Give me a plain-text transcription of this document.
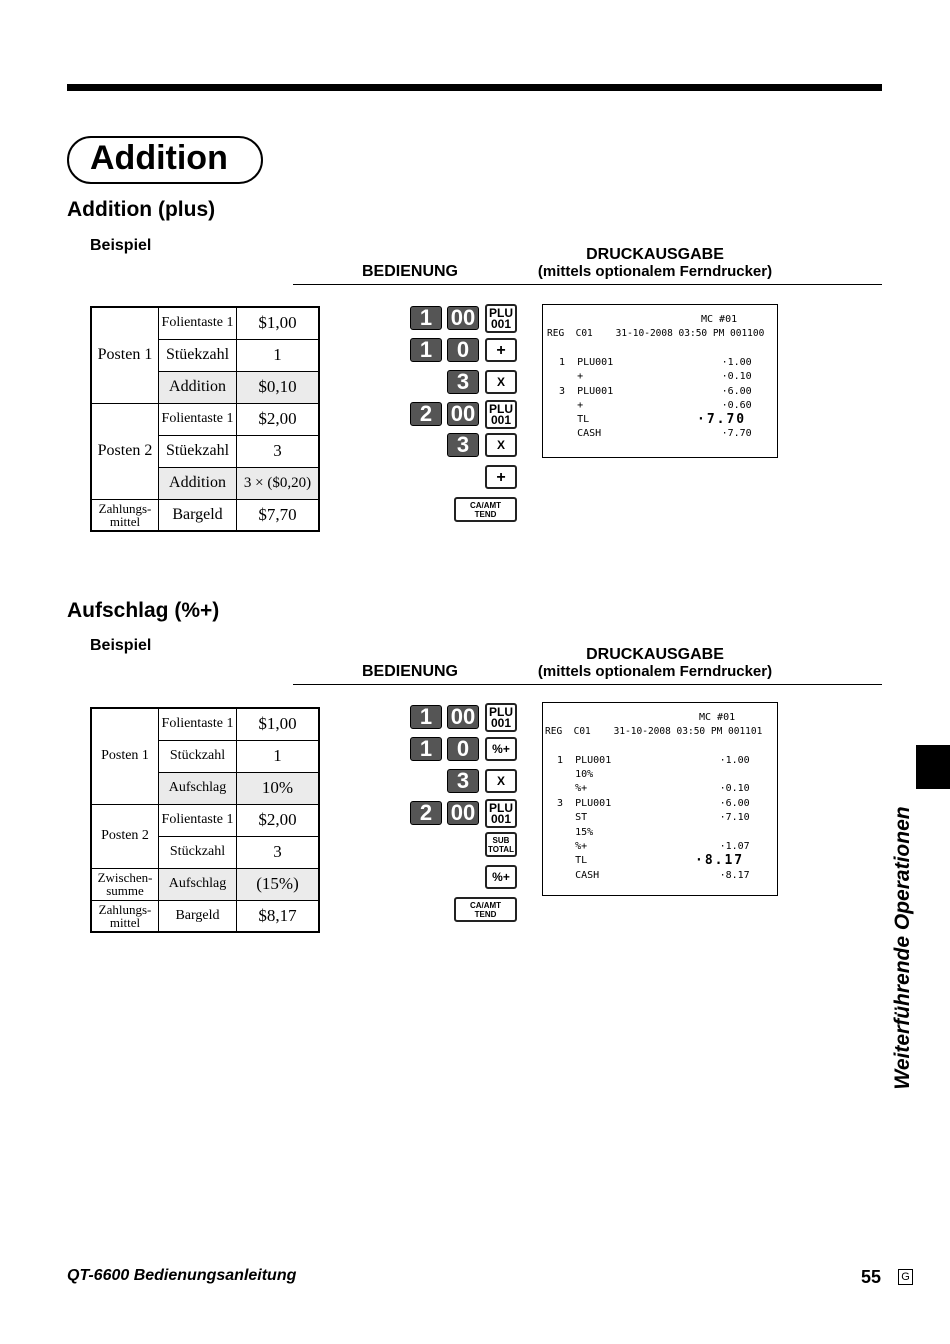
Addition
Addition (plus)
Beispiel
BEDIENUNG
DRUCKAUSGABE
(mittels optionalem Ferndrucker)
Posten 1	Folientaste 1	$1,00
	Stüekzahl	1
	Addition	$0,10
Posten 2	Folientaste 1	$2,00
	Stüekzahl	3
	Addition	3 × ($0,20)
Zahlungs-mittel	Bargeld	$7,70
1 00	PLU
001
1	0	+
3	X
2 00	PLU
001
3	X
+
CA/AMT
TEND
MC #01
REG  C01    31-10-2008 03:50 PM 001100
1  PLU001                  ·1.00
+                       ·0.10
3  PLU001                  ·6.00
+                       ·0.60
TL	·7.70
CASH                    ·7.70
Aufschlag (%+)
Beispiel
BEDIENUNG
DRUCKAUSGABE
(mittels optionalem Ferndrucker)
Posten 1	Folientaste 1	$1,00
	Stückzahl	1
	Aufschlag	10%
Posten 2	Folientaste 1	$2,00
	Stückzahl	3
Zwischen-summe	Aufschlag	(15%)
Zahlungs-mittel	Bargeld	$8,17
1 00	PLU
001
1	0	%+
3	X
2 00	PLU
001
SUB
TOTAL
%+
CA/AMT
TEND
MC #01
REG  C01    31-10-2008 03:50 PM 001101
1  PLU001                  ·1.00
10%
%+                      ·0.10
3  PLU001                  ·6.00
ST                      ·7.10
15%
%+                      ·1.07
TL	·8.17
CASH                    ·8.17	Weiterführende Operationen
QT-6600 Bedienungsanleitung	55 G
